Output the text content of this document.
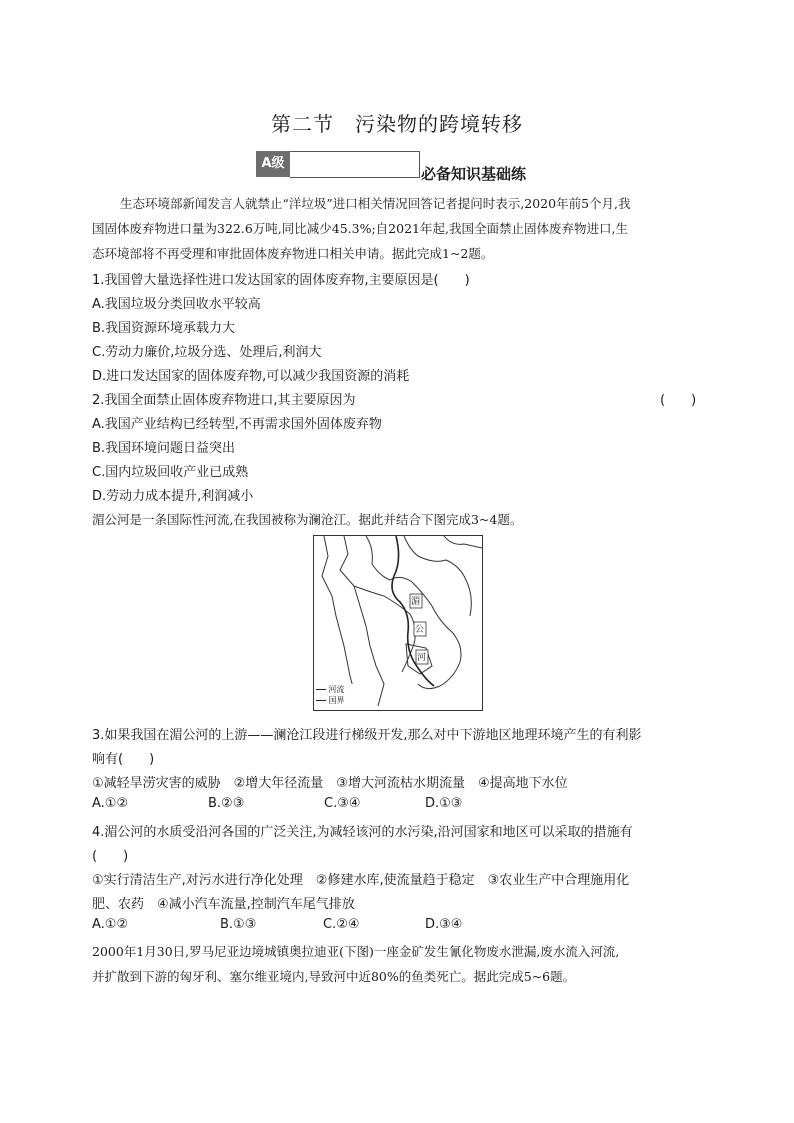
第二节　污染物的跨境转移
A级
必备知识基础练
生态环境部新闻发言人就禁止“洋垃圾”进口相关情况回答记者提问时表示,2020年前5个月,我
国固体废弃物进口量为322.6万吨,同比减少45.3%;自2021年起,我国全面禁止固体废弃物进口,生
态环境部将不再受理和审批固体废弃物进口相关申请。据此完成1~2题。
1.我国曾大量选择性进口发达国家的固体废弃物,主要原因是(　　)
A.我国垃圾分类回收水平较高
B.我国资源环境承载力大
C.劳动力廉价,垃圾分选、处理后,利润大
D.进口发达国家的固体废弃物,可以减少我国资源的消耗
2.我国全面禁止固体废弃物进口,其主要原因为	(　　)
A.我国产业结构已经转型,不再需求国外固体废弃物
B.我国环境问题日益突出
C.国内垃圾回收产业已成熟
D.劳动力成本提升,利润减小
湄公河是一条国际性河流,在我国被称为澜沧江。据此并结合下图完成3~4题。
湄
公
河
河流
国界
3.如果我国在湄公河的上游——澜沧江段进行梯级开发,那么对中下游地区地理环境产生的有利影
响有(　　)
①减轻旱涝灾害的威胁　②增大年径流量　③增大河流枯水期流量　④提高地下水位
A.①②	B.②③	C.③④	D.①③
4.湄公河的水质受沿河各国的广泛关注,为减轻该河的水污染,沿河国家和地区可以采取的措施有
(　　)
①实行清洁生产,对污水进行净化处理　②修建水库,使流量趋于稳定　③农业生产中合理施用化
肥、农药　④减小汽车流量,控制汽车尾气排放
A.①②	B.①③	C.②④	D.③④
2000年1月30日,罗马尼亚边境城镇奥拉迪亚(下图)一座金矿发生氰化物废水泄漏,废水流入河流,
并扩散到下游的匈牙利、塞尔维亚境内,导致河中近80%的鱼类死亡。据此完成5~6题。
